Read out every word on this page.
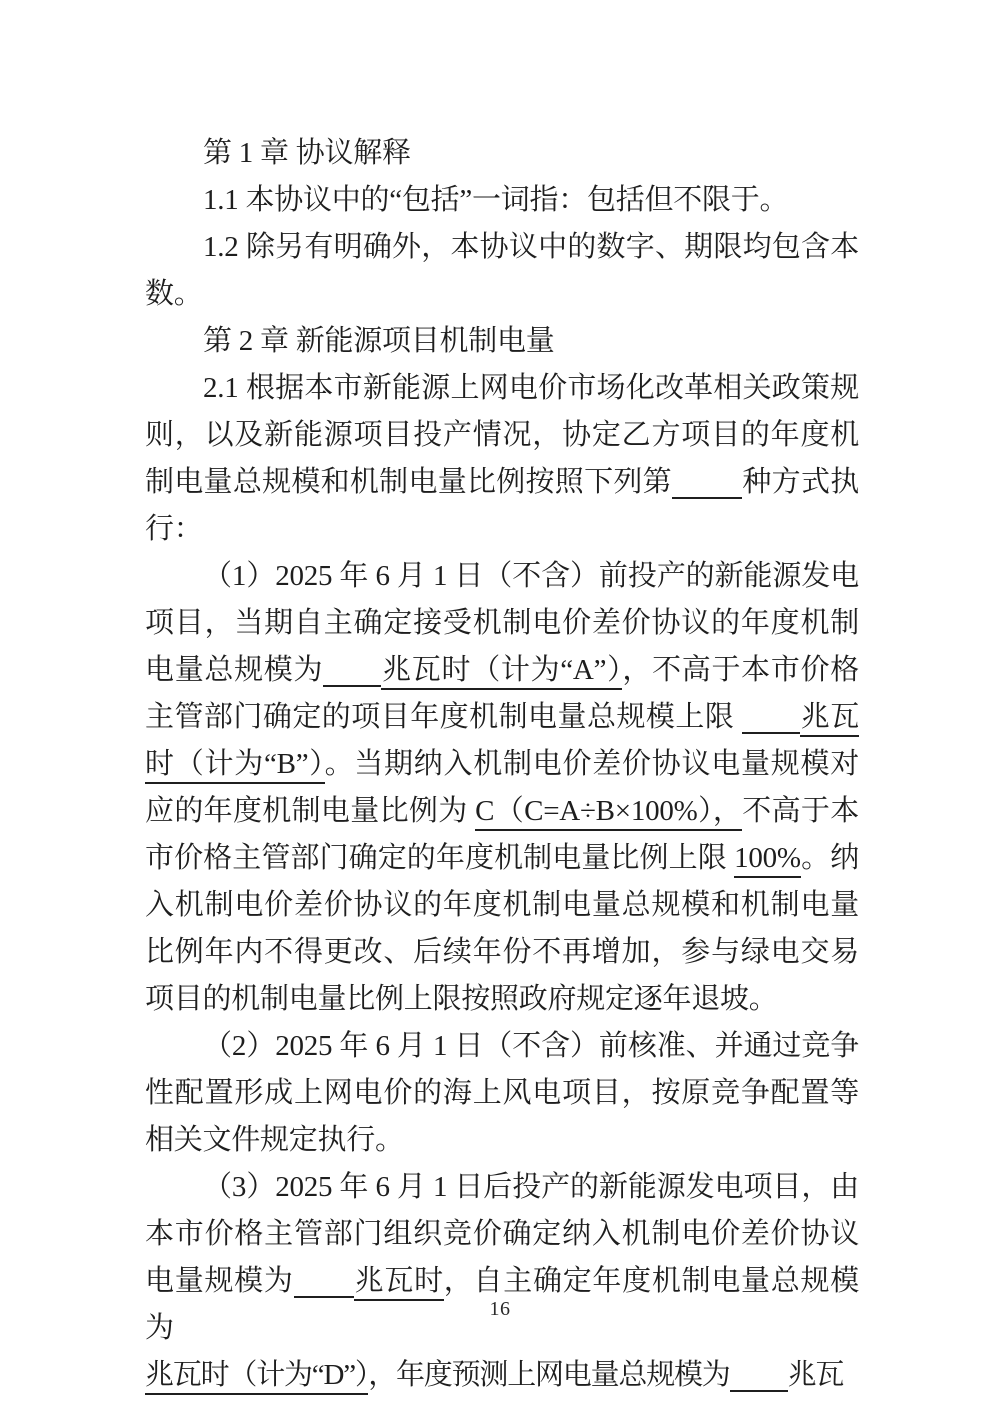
第 1 章 协议解释

1.1 本协议中的“包括”一词指：包括但不限于。

1.2 除另有明确外，本协议中的数字、期限均包含本数。

第 2 章 新能源项目机制电量

2.1 根据本市新能源上网电价市场化改革相关政策规则，以及新能源项目投产情况，协定乙方项目的年度机制电量总规模和机制电量比例按照下列第 种方式执行：

（1）2025 年 6 月 1 日（不含）前投产的新能源发电项目，当期自主确定接受机制电价差价协议的年度机制电量总规模为 兆瓦时（计为“A”），不高于本市价格主管部门确定的项目年度机制电量总规模上限 兆瓦时（计为“B”）。当期纳入机制电价差价协议电量规模对应的年度机制电量比例为 C（C=A÷B×100%），不高于本市价格主管部门确定的年度机制电量比例上限 100%。纳入机制电价差价协议的年度机制电量总规模和机制电量比例年内不得更改、后续年份不再增加，参与绿电交易项目的机制电量比例上限按照政府规定逐年退坡。

（2）2025 年 6 月 1 日（不含）前核准、并通过竞争性配置形成上网电价的海上风电项目，按原竞争配置等相关文件规定执行。

（3）2025 年 6 月 1 日后投产的新能源发电项目，由本市价格主管部门组织竞价确定纳入机制电价差价协议电量规模为 兆瓦时，自主确定年度机制电量总规模为

兆瓦时（计为“D”），年度预测上网电量总规模为 兆瓦

16
